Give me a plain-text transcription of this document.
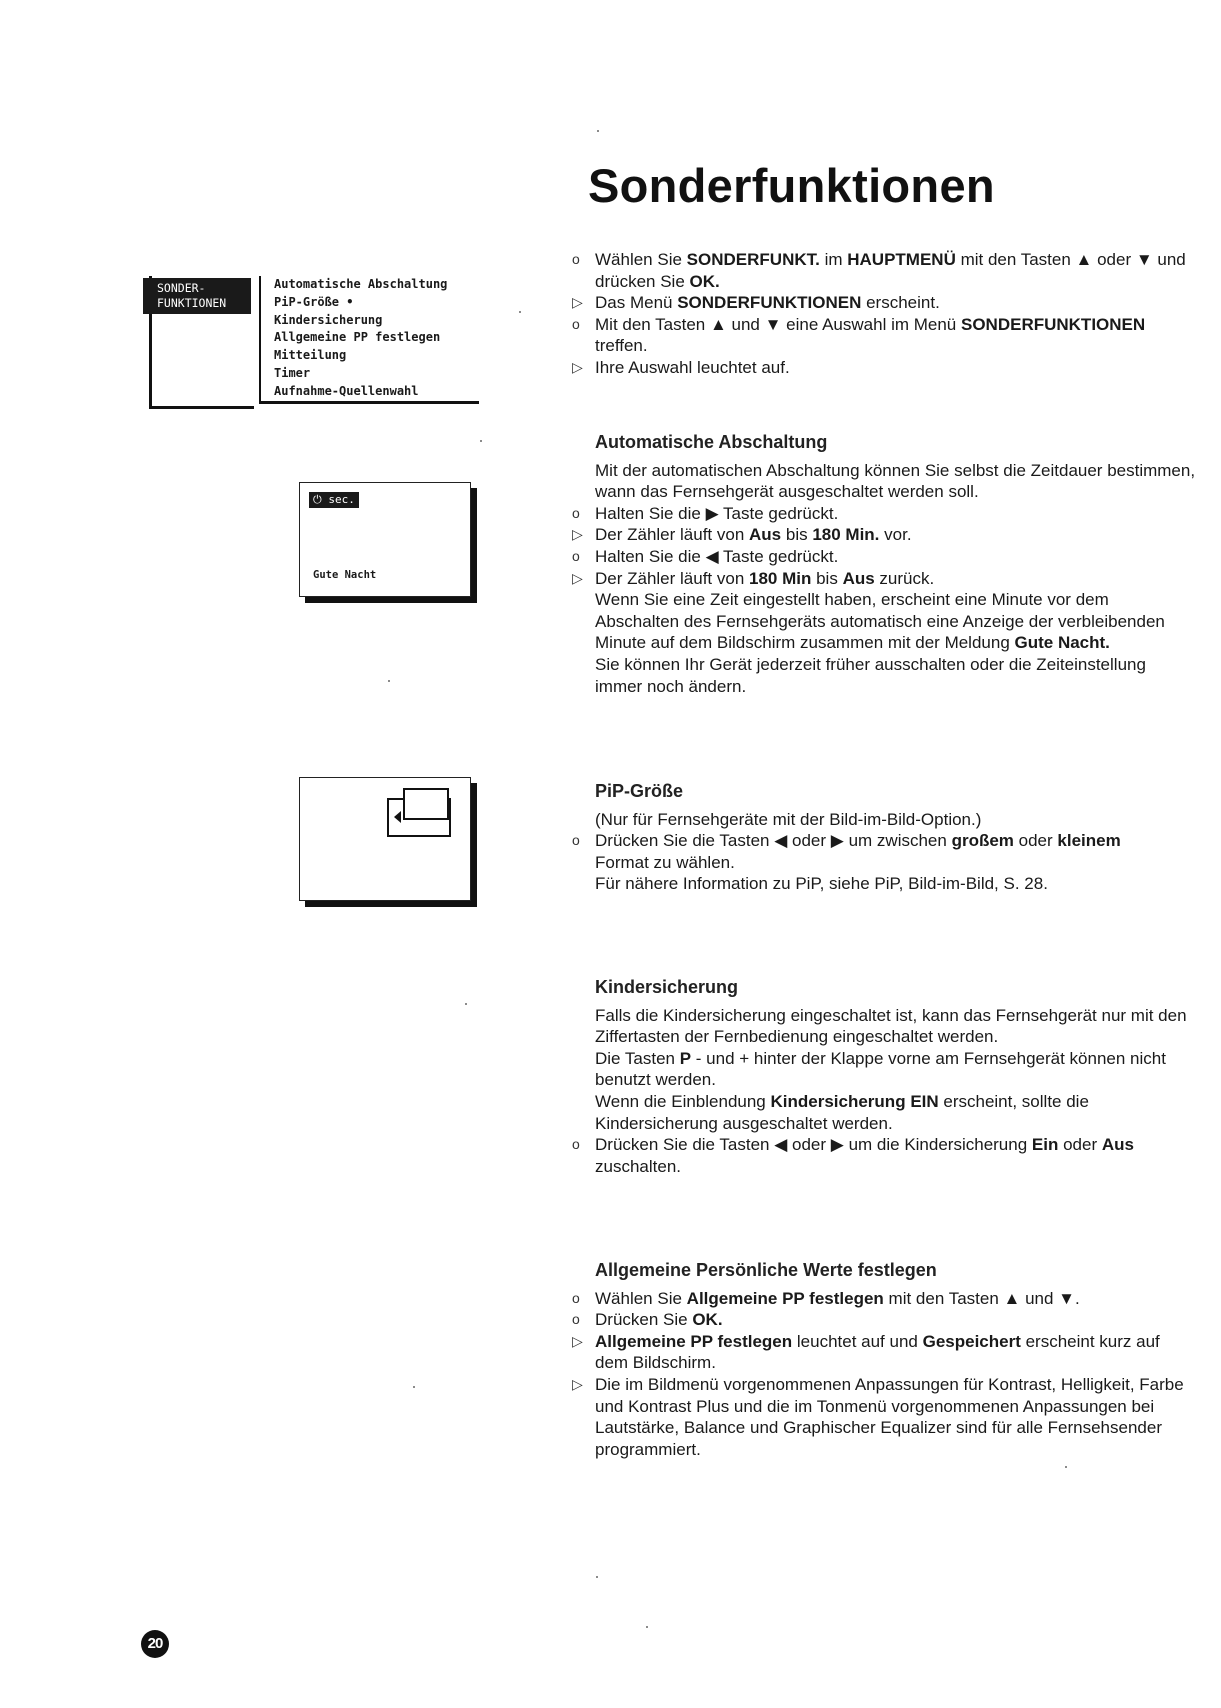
Sonderfunktionen
SONDER-
FUNKTIONEN
Automatische Abschaltung
PiP-Größe •
Kindersicherung
Allgemeine PP festlegen
Mitteilung
Timer
Aufnahme-Quellenwahl
⏻ sec.
Gute Nacht
o Wählen Sie SONDERFUNKT. im HAUPTMENÜ mit den Tasten ▲ oder ▼ und
drücken Sie OK.
▷ Das Menü SONDERFUNKTIONEN erscheint.
o Mit den Tasten ▲ und ▼ eine Auswahl im Menü SONDERFUNKTIONEN
treffen.
▷ Ihre Auswahl leuchtet auf.
Automatische Abschaltung
Mit der automatischen Abschaltung können Sie selbst die Zeitdauer bestimmen,
wann das Fernsehgerät ausgeschaltet werden soll.
o Halten Sie die ▶ Taste gedrückt.
▷ Der Zähler läuft von Aus bis 180 Min. vor.
o Halten Sie die ◀ Taste gedrückt.
▷ Der Zähler läuft von 180 Min bis Aus zurück.
Wenn Sie eine Zeit eingestellt haben, erscheint eine Minute vor dem
Abschalten des Fernsehgeräts automatisch eine Anzeige der verbleibenden
Minute auf dem Bildschirm zusammen mit der Meldung Gute Nacht.
Sie können Ihr Gerät jederzeit früher ausschalten oder die Zeiteinstellung
immer noch ändern.
PiP-Größe
(Nur für Fernsehgeräte mit der Bild-im-Bild-Option.)
o Drücken Sie die Tasten ◀ oder ▶ um zwischen großem oder kleinem
Format zu wählen.
Für nähere Information zu PiP, siehe PiP, Bild-im-Bild, S. 28.
Kindersicherung
Falls die Kindersicherung eingeschaltet ist, kann das Fernsehgerät nur mit den
Ziffertasten der Fernbedienung eingeschaltet werden.
Die Tasten P - und + hinter der Klappe vorne am Fernsehgerät können nicht
benutzt werden.
Wenn die Einblendung Kindersicherung EIN erscheint, sollte die
Kindersicherung ausgeschaltet werden.
o Drücken Sie die Tasten ◀ oder ▶ um die Kindersicherung Ein oder Aus
zuschalten.
Allgemeine Persönliche Werte festlegen
o Wählen Sie Allgemeine PP festlegen mit den Tasten ▲ und ▼.
o Drücken Sie OK.
▷ Allgemeine PP festlegen leuchtet auf und Gespeichert erscheint kurz auf
dem Bildschirm.
▷ Die im Bildmenü vorgenommenen Anpassungen für Kontrast, Helligkeit, Farbe
und Kontrast Plus und die im Tonmenü vorgenommenen Anpassungen bei
Lautstärke, Balance und Graphischer Equalizer sind für alle Fernsehsender
programmiert.
20
